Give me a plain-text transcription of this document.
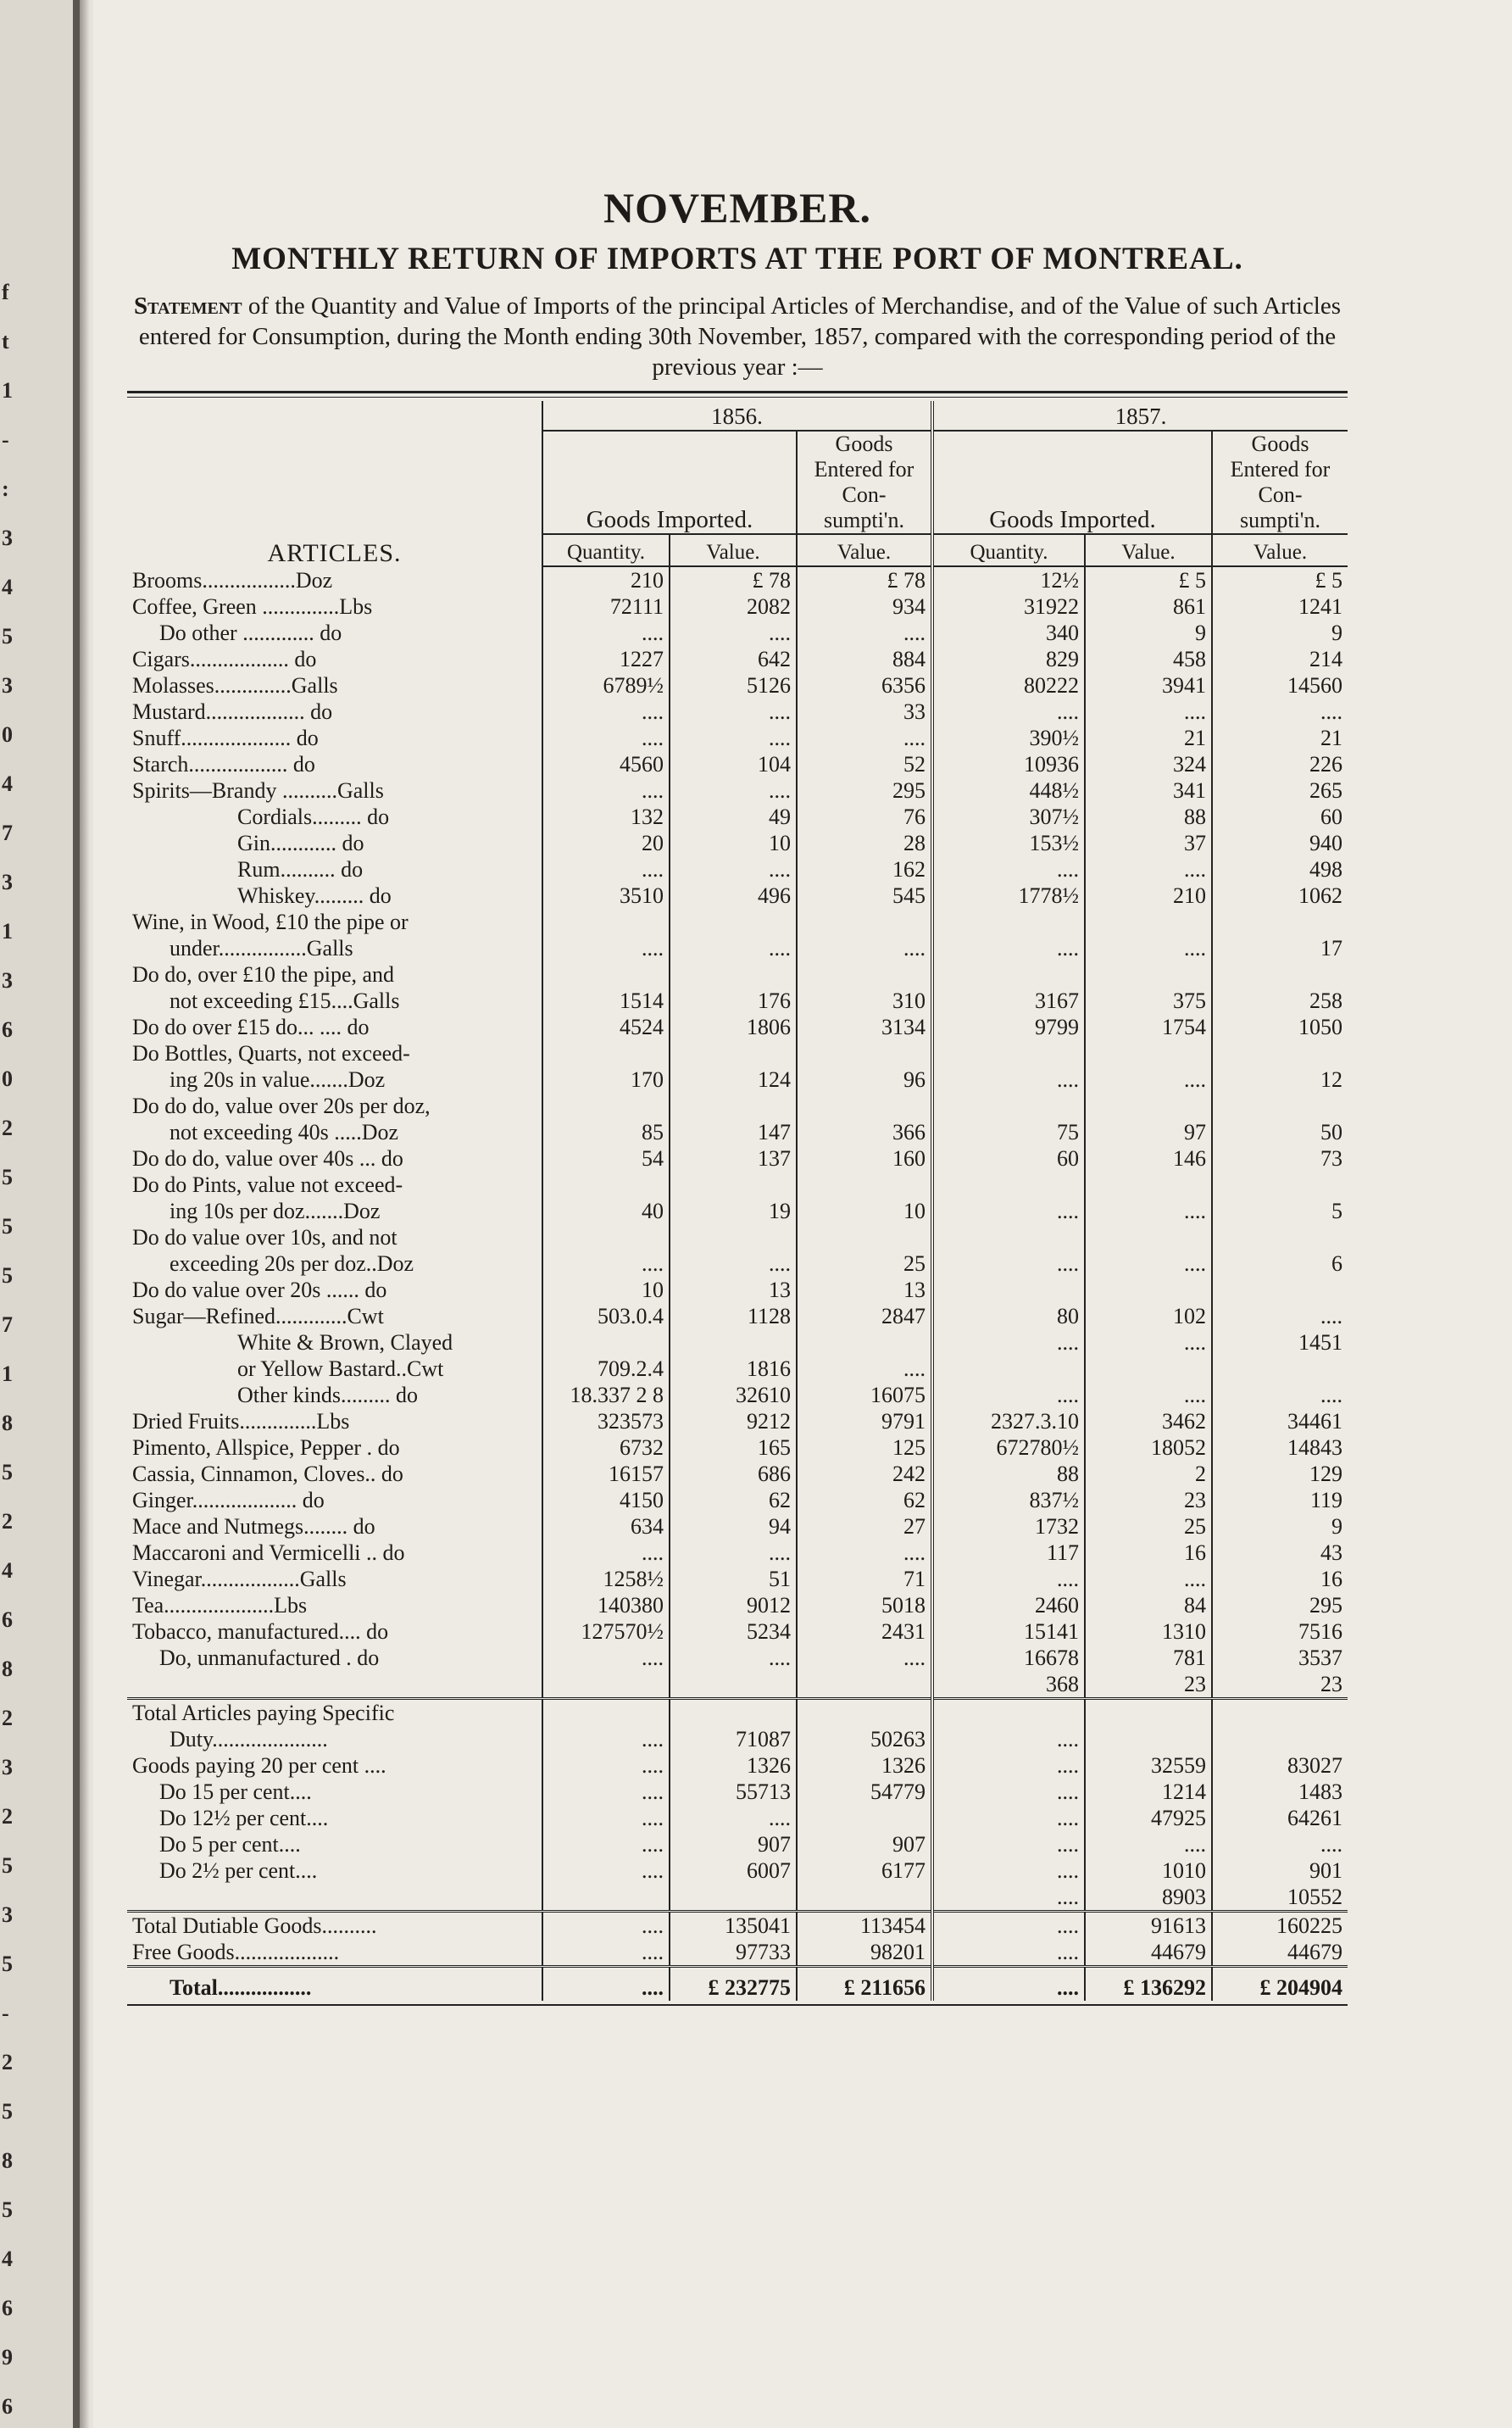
f
t
1
-
:
3
4
5
3
0
4
7
3
1
3
6
0
2
5
5
5
7
1
8
5
2
4
6
8
2
3
2
5
3
5
-
2
5
8
5
4
6
9
6
NOVEMBER.
MONTHLY RETURN OF IMPORTS AT THE PORT OF MONTREAL.

Statement of the Quantity and Value of Imports of the principal Articles of Merchandise, and of the Value of such Articles entered for Consumption, during the Month ending 30th November, 1857, compared with the corresponding period of the previous year :—

ARTICLES.	1856.			1857.		
	Goods Imported.		Goods Entered for Con- sumpti'n.	Goods Imported.		Goods Entered for Con- sumpti'n.
	Quantity.	Value.	Value.	Quantity.	Value.	Value.
Brooms.................Doz	210	£ 78	£ 78	12½	£ 5	£ 5
Coffee, Green ..............Lbs	72111	2082	934	31922	861	1241
Do other ............. do	....	....	....	340	9	9
Cigars.................. do	1227	642	884	829	458	214
Molasses..............Galls	6789½	5126	6356	80222	3941	14560
Mustard.................. do	....	....	33	....	....	....
Snuff.................... do	....	....	....	390½	21	21
Starch.................. do	4560	104	52	10936	324	226
Spirits—Brandy ..........Galls	....	....	295	448½	341	265
Cordials......... do	132	49	76	307½	88	60
Gin............ do	20	10	28	153½	37	940
Rum.......... do	....	....	162	....	....	498
Whiskey......... do	3510	496	545	1778½	210	1062
Wine, in Wood, £10 the pipe or						
under................Galls	....	....	....	....	....	17
Do do, over £10 the pipe, and						
not exceeding £15....Galls	1514	176	310	3167	375	258
Do do over £15 do... .... do	4524	1806	3134	9799	1754	1050
Do Bottles, Quarts, not exceed-						
ing 20s in value.......Doz	170	124	96	....	....	12
Do do do, value over 20s per doz,						
not exceeding 40s .....Doz	85	147	366	75	97	50
Do do do, value over 40s ... do	54	137	160	60	146	73
Do do Pints, value not exceed-						
ing 10s per doz.......Doz	40	19	10	....	....	5
Do do value over 10s, and not						
exceeding 20s per doz..Doz	....	....	25	....	....	6
Do do value over 20s ...... do	10	13	13			
Sugar—Refined.............Cwt	503.0.4	1128	2847	80	102	....
White & Brown, Clayed				....	....	1451
or Yellow Bastard..Cwt	709.2.4	1816	....			
Other kinds......... do	18.337 2 8	32610	16075	....	....	....
Dried Fruits..............Lbs	323573	9212	9791	2327.3.10	3462	34461
Pimento, Allspice, Pepper . do	6732	165	125	672780½	18052	14843
Cassia, Cinnamon, Cloves.. do	16157	686	242	88	2	129
Ginger................... do	4150	62	62	837½	23	119
Mace and Nutmegs........ do	634	94	27	1732	25	9
Maccaroni and Vermicelli .. do	....	....	....	117	16	43
Vinegar..................Galls	1258½	51	71	....	....	16
Tea....................Lbs	140380	9012	5018	2460	84	295
Tobacco, manufactured.... do	127570½	5234	2431	15141	1310	7516
Do, unmanufactured . do	....	....	....	16678	781	3537
				368	23	23
Total Articles paying Specific						
Duty.....................	....	71087	50263	....		
Goods paying 20 per cent ....	....	1326	1326	....	32559	83027
Do 15 per cent....	....	55713	54779	....	1214	1483
Do 12½ per cent....	....	....		....	47925	64261
Do 5 per cent....	....	907	907	....	....	....
Do 2½ per cent....	....	6007	6177	....	1010	901
				....	8903	10552
Total Dutiable Goods..........	....	135041	113454	....	91613	160225
Free Goods...................	....	97733	98201	....	44679	44679
Total.................	....	£ 232775	£ 211656	....	£ 136292	£ 204904
